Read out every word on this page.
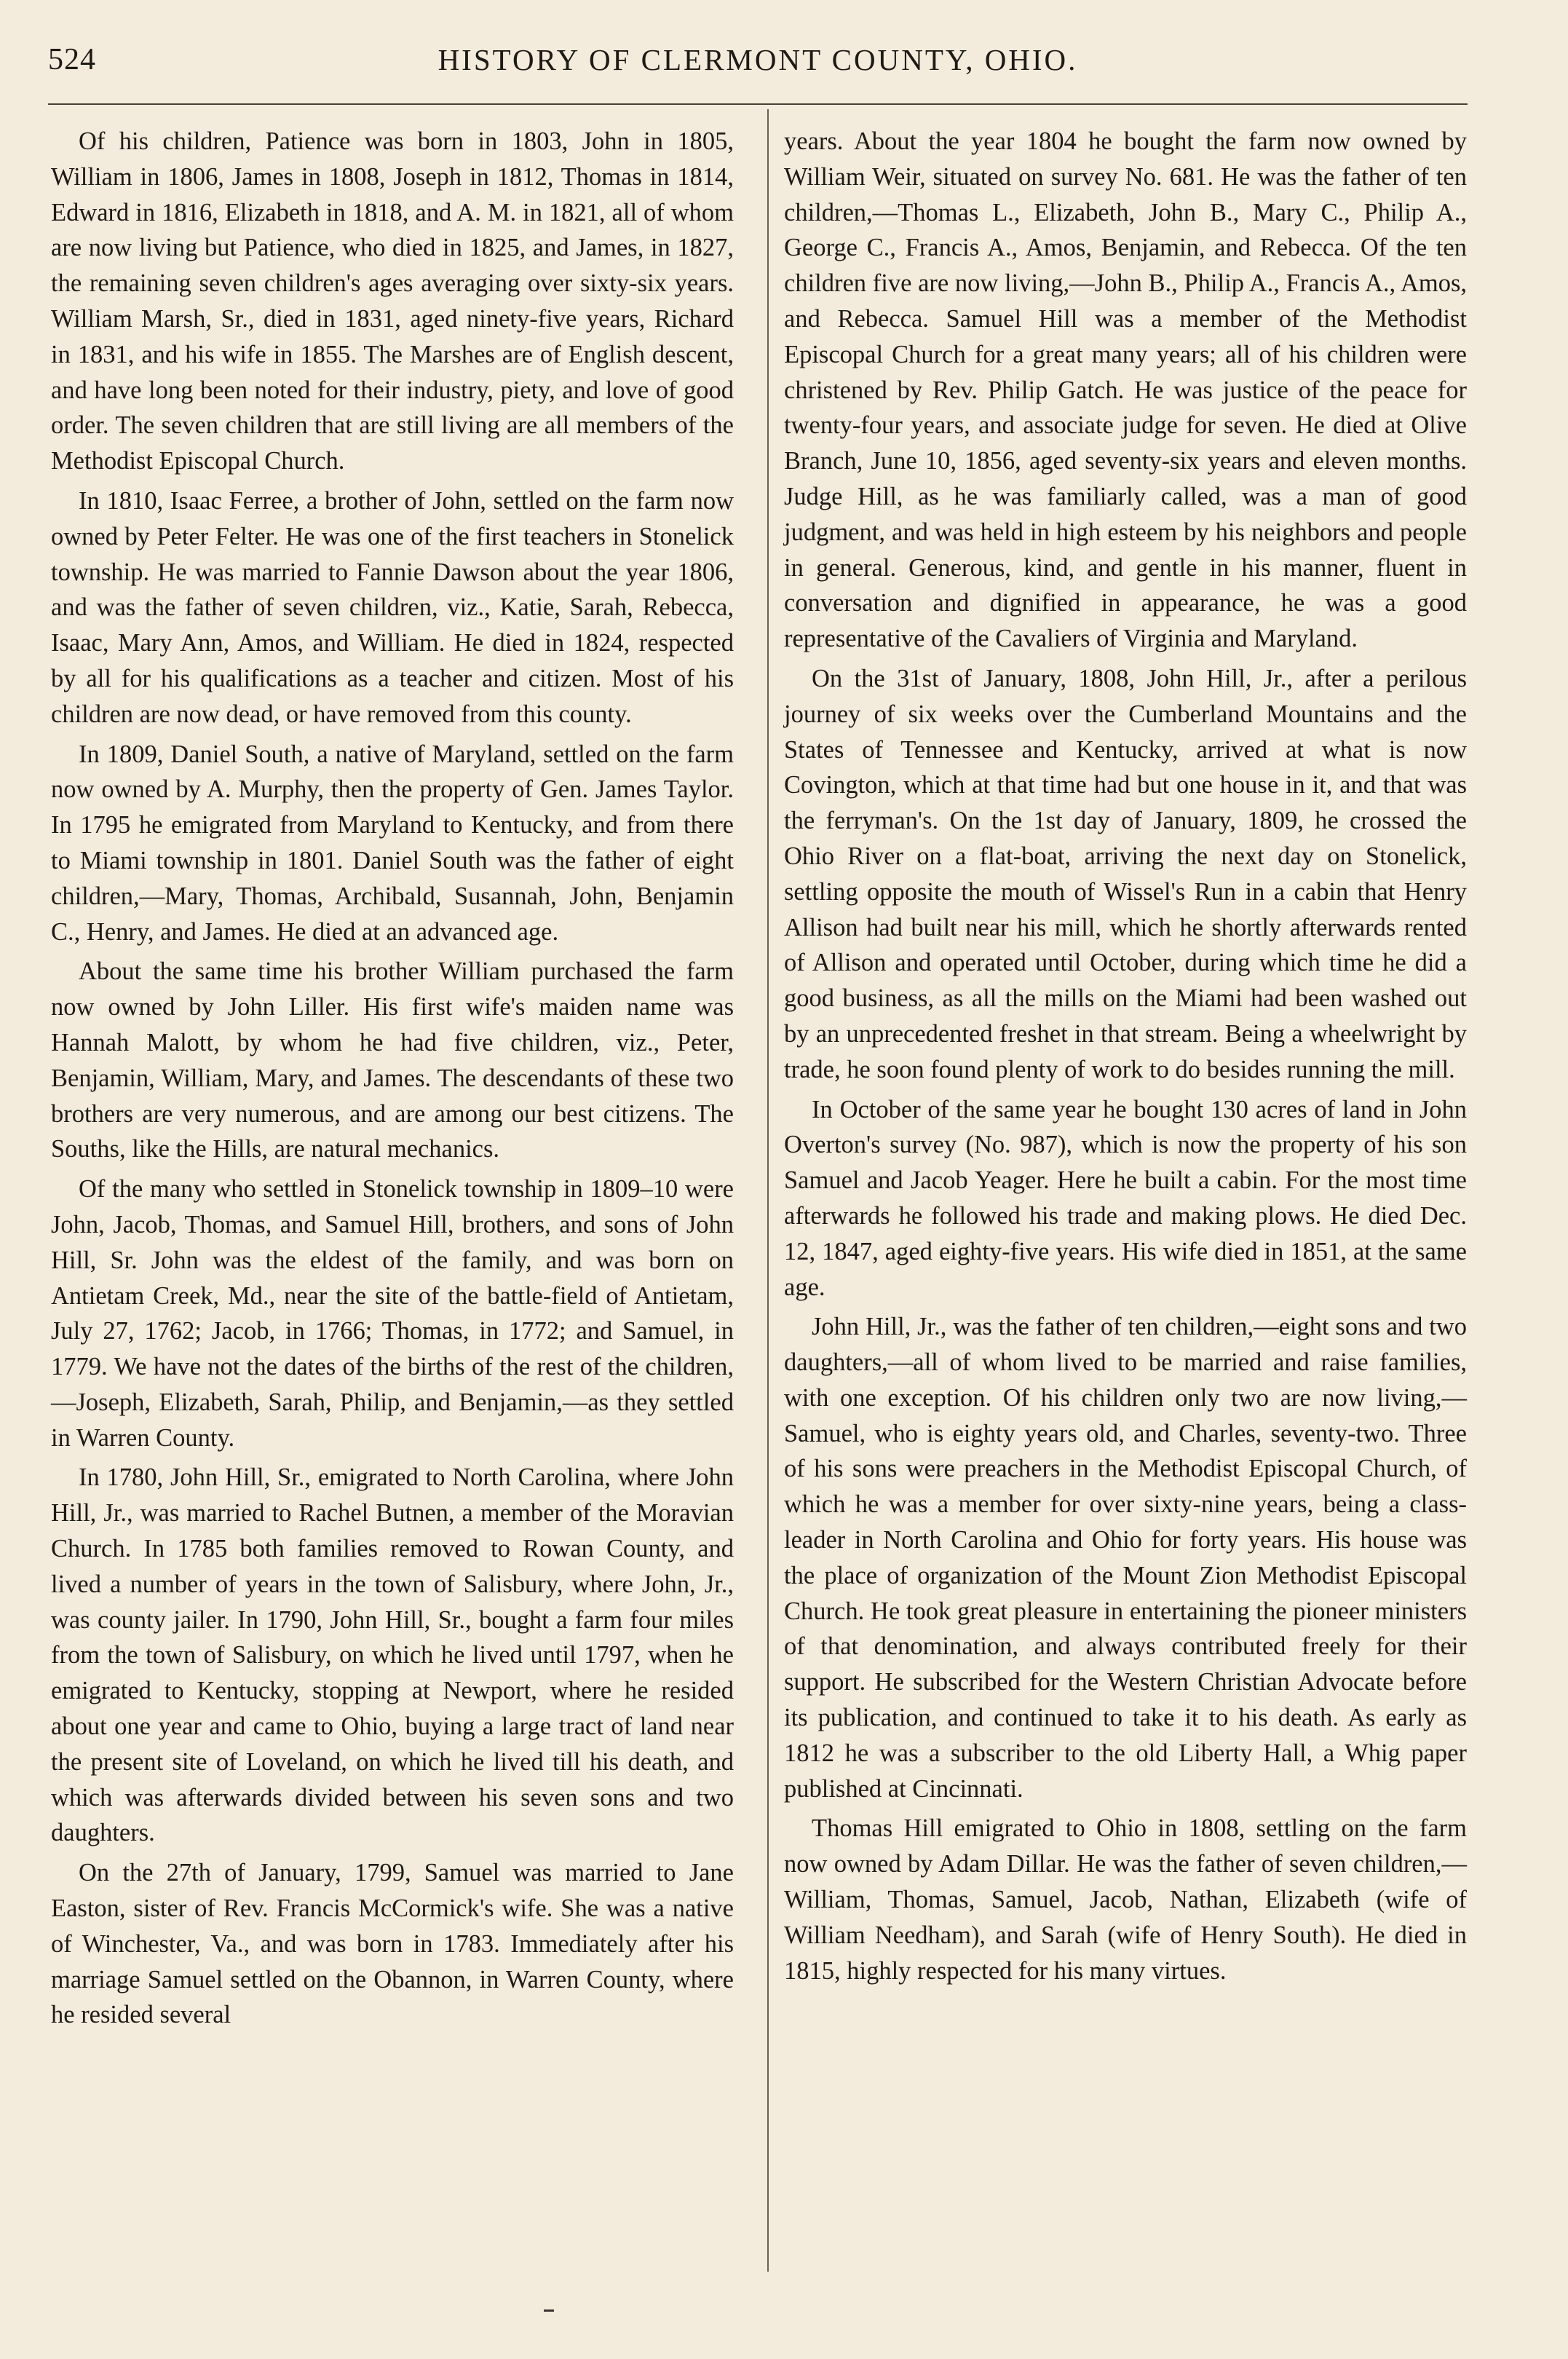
524	HISTORY OF CLERMONT COUNTY, OHIO.

Of his children, Patience was born in 1803, John in 1805, William in 1806, James in 1808, Joseph in 1812, Thomas in 1814, Edward in 1816, Elizabeth in 1818, and A. M. in 1821, all of whom are now living but Patience, who died in 1825, and James, in 1827, the remaining seven children's ages averaging over sixty-six years. William Marsh, Sr., died in 1831, aged ninety-five years, Richard in 1831, and his wife in 1855. The Marshes are of English descent, and have long been noted for their industry, piety, and love of good order. The seven children that are still living are all members of the Methodist Episcopal Church.

In 1810, Isaac Ferree, a brother of John, settled on the farm now owned by Peter Felter. He was one of the first teachers in Stonelick township. He was married to Fannie Dawson about the year 1806, and was the father of seven children, viz., Katie, Sarah, Rebecca, Isaac, Mary Ann, Amos, and William. He died in 1824, respected by all for his qualifications as a teacher and citizen. Most of his children are now dead, or have removed from this county.

In 1809, Daniel South, a native of Maryland, settled on the farm now owned by A. Murphy, then the property of Gen. James Taylor. In 1795 he emigrated from Maryland to Kentucky, and from there to Miami township in 1801. Daniel South was the father of eight children,—Mary, Thomas, Archibald, Susannah, John, Benjamin C., Henry, and James. He died at an advanced age.

About the same time his brother William purchased the farm now owned by John Liller. His first wife's maiden name was Hannah Malott, by whom he had five children, viz., Peter, Benjamin, William, Mary, and James. The descendants of these two brothers are very numerous, and are among our best citizens. The Souths, like the Hills, are natural mechanics.

Of the many who settled in Stonelick township in 1809–10 were John, Jacob, Thomas, and Samuel Hill, brothers, and sons of John Hill, Sr. John was the eldest of the family, and was born on Antietam Creek, Md., near the site of the battle-field of Antietam, July 27, 1762; Jacob, in 1766; Thomas, in 1772; and Samuel, in 1779. We have not the dates of the births of the rest of the children,—Joseph, Elizabeth, Sarah, Philip, and Benjamin,—as they settled in Warren County.

In 1780, John Hill, Sr., emigrated to North Carolina, where John Hill, Jr., was married to Rachel Butnen, a member of the Moravian Church. In 1785 both families removed to Rowan County, and lived a number of years in the town of Salisbury, where John, Jr., was county jailer. In 1790, John Hill, Sr., bought a farm four miles from the town of Salisbury, on which he lived until 1797, when he emigrated to Kentucky, stopping at Newport, where he resided about one year and came to Ohio, buying a large tract of land near the present site of Loveland, on which he lived till his death, and which was afterwards divided between his seven sons and two daughters.

On the 27th of January, 1799, Samuel was married to Jane Easton, sister of Rev. Francis McCormick's wife. She was a native of Winchester, Va., and was born in 1783. Immediately after his marriage Samuel settled on the Obannon, in Warren County, where he resided several

years. About the year 1804 he bought the farm now owned by William Weir, situated on survey No. 681. He was the father of ten children,—Thomas L., Elizabeth, John B., Mary C., Philip A., George C., Francis A., Amos, Benjamin, and Rebecca. Of the ten children five are now living,—John B., Philip A., Francis A., Amos, and Rebecca. Samuel Hill was a member of the Methodist Episcopal Church for a great many years; all of his children were christened by Rev. Philip Gatch. He was justice of the peace for twenty-four years, and associate judge for seven. He died at Olive Branch, June 10, 1856, aged seventy-six years and eleven months. Judge Hill, as he was familiarly called, was a man of good judgment, and was held in high esteem by his neighbors and people in general. Generous, kind, and gentle in his manner, fluent in conversation and dignified in appearance, he was a good representative of the Cavaliers of Virginia and Maryland.

On the 31st of January, 1808, John Hill, Jr., after a perilous journey of six weeks over the Cumberland Mountains and the States of Tennessee and Kentucky, arrived at what is now Covington, which at that time had but one house in it, and that was the ferryman's. On the 1st day of January, 1809, he crossed the Ohio River on a flat-boat, arriving the next day on Stonelick, settling opposite the mouth of Wissel's Run in a cabin that Henry Allison had built near his mill, which he shortly afterwards rented of Allison and operated until October, during which time he did a good business, as all the mills on the Miami had been washed out by an unprecedented freshet in that stream. Being a wheelwright by trade, he soon found plenty of work to do besides running the mill.

In October of the same year he bought 130 acres of land in John Overton's survey (No. 987), which is now the property of his son Samuel and Jacob Yeager. Here he built a cabin. For the most time afterwards he followed his trade and making plows. He died Dec. 12, 1847, aged eighty-five years. His wife died in 1851, at the same age.

John Hill, Jr., was the father of ten children,—eight sons and two daughters,—all of whom lived to be married and raise families, with one exception. Of his children only two are now living,—Samuel, who is eighty years old, and Charles, seventy-two. Three of his sons were preachers in the Methodist Episcopal Church, of which he was a member for over sixty-nine years, being a class-leader in North Carolina and Ohio for forty years. His house was the place of organization of the Mount Zion Methodist Episcopal Church. He took great pleasure in entertaining the pioneer ministers of that denomination, and always contributed freely for their support. He subscribed for the Western Christian Advocate before its publication, and continued to take it to his death. As early as 1812 he was a subscriber to the old Liberty Hall, a Whig paper published at Cincinnati.

Thomas Hill emigrated to Ohio in 1808, settling on the farm now owned by Adam Dillar. He was the father of seven children,—William, Thomas, Samuel, Jacob, Nathan, Elizabeth (wife of William Needham), and Sarah (wife of Henry South). He died in 1815, highly respected for his many virtues.
